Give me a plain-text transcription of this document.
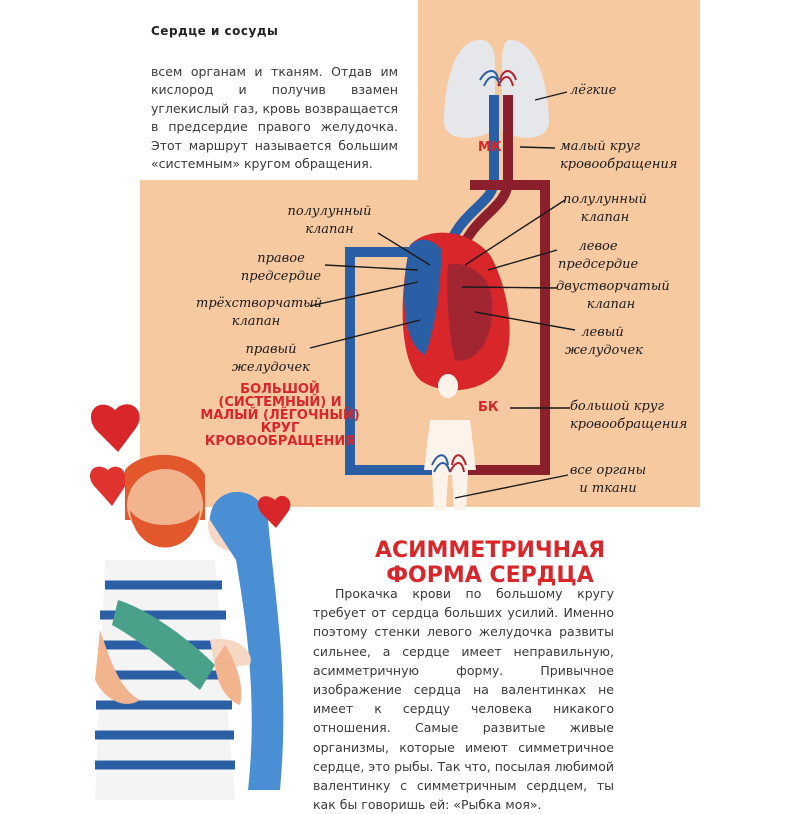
Сердце и сосуды

всем органам и тканям. Отдав им кислород и получив взамен углекислый газ, кровь возвращается в предсердие правого желудочка. Этот маршрут называется большим «системным» кругом обращения.

МК
БК
лёгкие
малый круг
кровообращения
полулунный
клапан
левое
предсердие
двустворчатый
клапан
левый
желудочек
большой круг
кровообращения
все органы
и ткани
полулунный
клапан
правое
предсердие
трёхстворчатый
клапан
правый
желудочек
БОЛЬШОЙ (СИСТЕМНЫЙ) И МАЛЫЙ (ЛЁГОЧНЫЙ) КРУГ КРОВООБРАЩЕНИЯ
АСИММЕТРИЧНАЯ ФОРМА СЕРДЦА

Прокачка крови по большому кругу требует от сердца больших усилий. Именно поэтому стенки левого желудочка развиты сильнее, а сердце имеет неправильную, асимметричную форму. Привычное изображение сердца на валентинках не имеет к сердцу человека никакого отношения. Самые развитые живые организмы, которые имеют симметричное сердце, это рыбы. Так что, посылая любимой валентинку с симметричным сердцем, ты как бы говоришь ей: «Рыбка моя».
